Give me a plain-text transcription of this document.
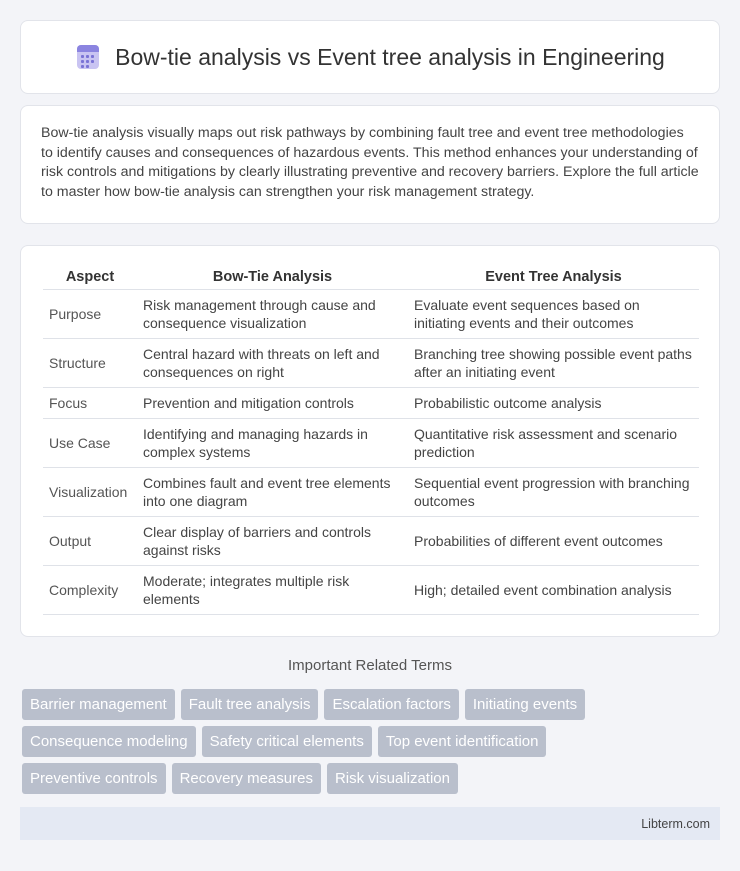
Bow-tie analysis vs Event tree analysis in Engineering

Bow-tie analysis visually maps out risk pathways by combining fault tree and event tree methodologies to identify causes and consequences of hazardous events. This method enhances your understanding of risk controls and mitigations by clearly illustrating preventive and recovery barriers. Explore the full article to master how bow-tie analysis can strengthen your risk management strategy.

Aspect	Bow-Tie Analysis	Event Tree Analysis
Purpose	Risk management through cause and consequence visualization	Evaluate event sequences based on initiating events and their outcomes
Structure	Central hazard with threats on left and consequences on right	Branching tree showing possible event paths after an initiating event
Focus	Prevention and mitigation controls	Probabilistic outcome analysis
Use Case	Identifying and managing hazards in complex systems	Quantitative risk assessment and scenario prediction
Visualization	Combines fault and event tree elements into one diagram	Sequential event progression with branching outcomes
Output	Clear display of barriers and controls against risks	Probabilities of different event outcomes
Complexity	Moderate; integrates multiple risk elements	High; detailed event combination analysis
Important Related Terms
Barrier management	Fault tree analysis	Escalation factors	Initiating events
Consequence modeling	Safety critical elements	Top event identification
Preventive controls	Recovery measures	Risk visualization
Libterm.com
